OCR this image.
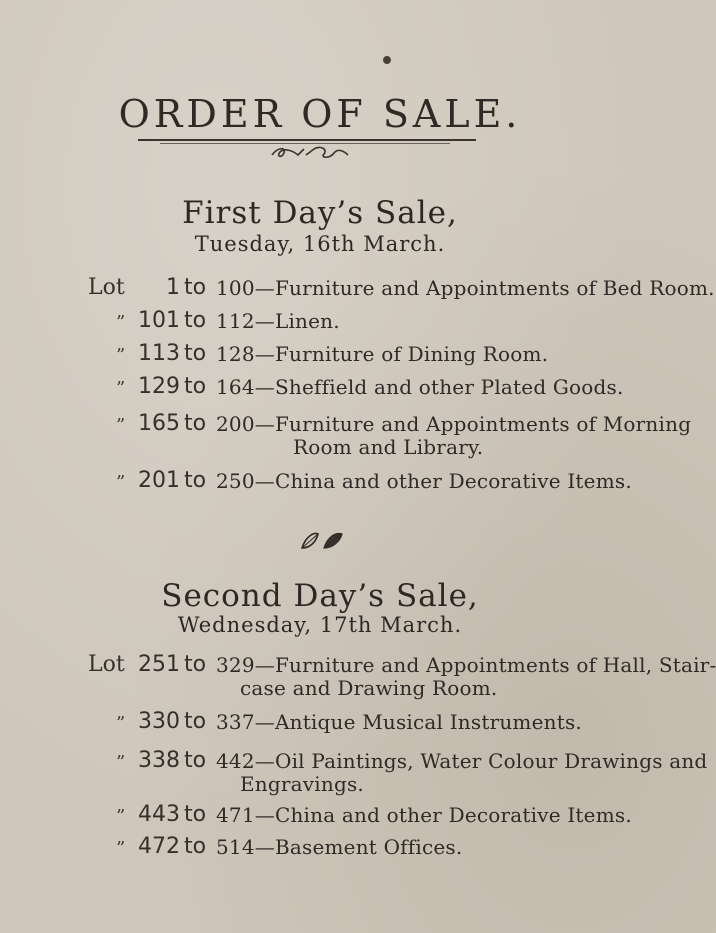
ORDER OF SALE.
First Day’s Sale,
Tuesday, 16th March.
Lot	1 to 100—Furniture and Appointments of Bed Room.
” 101 to 112—Linen.
” 113 to 128—Furniture of Dining Room.
” 129 to 164—Sheffield and other Plated Goods.
” 165 to 200—Furniture and Appointments of Morning
Room and Library.
” 201 to 250—China and other Decorative Items.
Second Day’s Sale,
Wednesday, 17th March.
Lot 251 to 329—Furniture and Appointments of Hall, Stair-
case and Drawing Room.
” 330 to 337—Antique Musical Instruments.
” 338 to 442—Oil Paintings, Water Colour Drawings and
Engravings.
” 443 to 471—China and other Decorative Items.
” 472 to 514—Basement Offices.
